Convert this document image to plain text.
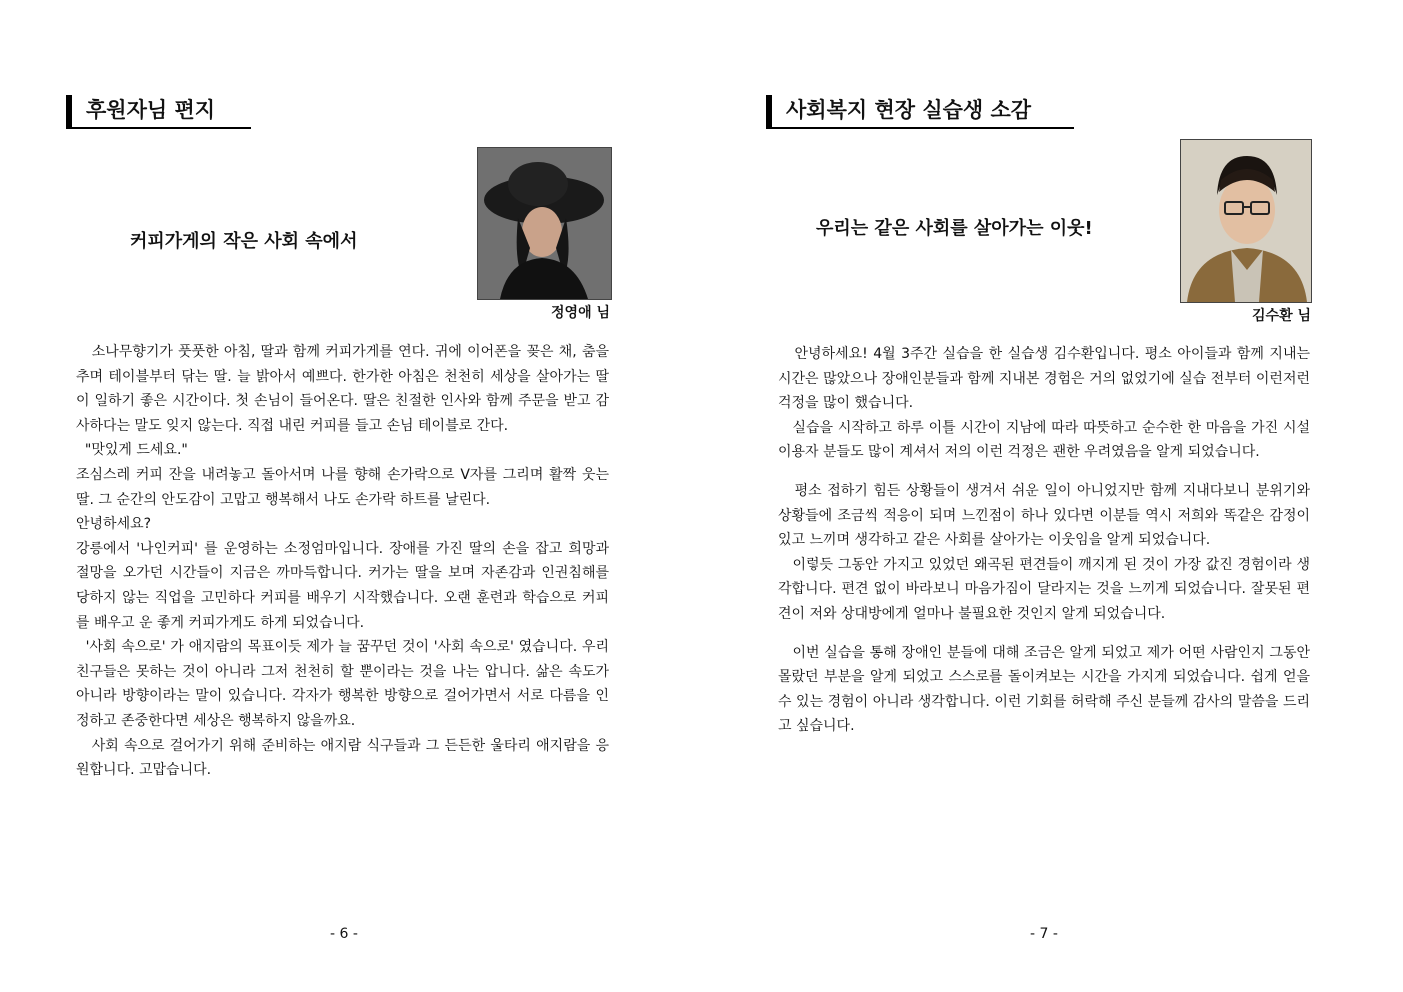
후원자님 편지
커피가게의 작은 사회 속에서
정영애 님

소나무향기가 풋풋한 아침, 딸과 함께 커피가게를 연다. 귀에 이어폰을 꽂은 채, 춤을 추며 테이블부터 닦는 딸. 늘 밝아서 예쁘다. 한가한 아침은 천천히 세상을 살아가는 딸이 일하기 좋은 시간이다. 첫 손님이 들어온다. 딸은 친절한 인사와 함께 주문을 받고 감사하다는 말도 잊지 않는다. 직접 내린 커피를 들고 손님 테이블로 간다.

"맛있게 드세요."

조심스레 커피 잔을 내려놓고 돌아서며 나를 향해 손가락으로 V자를 그리며 활짝 웃는 딸. 그 순간의 안도감이 고맙고 행복해서 나도 손가락 하트를 날린다.

안녕하세요?

강릉에서 '나인커피' 를 운영하는 소정엄마입니다. 장애를 가진 딸의 손을 잡고 희망과 절망을 오가던 시간들이 지금은 까마득합니다. 커가는 딸을 보며 자존감과 인권침해를 당하지 않는 직업을 고민하다 커피를 배우기 시작했습니다. 오랜 훈련과 학습으로 커피를 배우고 운 좋게 커피가게도 하게 되었습니다.

'사회 속으로' 가 애지람의 목표이듯 제가 늘 꿈꾸던 것이 '사회 속으로' 였습니다. 우리 친구들은 못하는 것이 아니라 그저 천천히 할 뿐이라는 것을 나는 압니다. 삶은 속도가 아니라 방향이라는 말이 있습니다. 각자가 행복한 방향으로 걸어가면서 서로 다름을 인정하고 존중한다면 세상은 행복하지 않을까요.

사회 속으로 걸어가기 위해 준비하는 애지람 식구들과 그 든든한 울타리 애지람을 응원합니다. 고맙습니다.

- 6 -
사회복지 현장 실습생 소감
우리는 같은 사회를 살아가는 이웃!
김수환 님

안녕하세요! 4월 3주간 실습을 한 실습생 김수환입니다. 평소 아이들과 함께 지내는 시간은 많았으나 장애인분들과 함께 지내본 경험은 거의 없었기에 실습 전부터 이런저런 걱정을 많이 했습니다.

실습을 시작하고 하루 이틀 시간이 지남에 따라 따뜻하고 순수한 한 마음을 가진 시설 이용자 분들도 많이 계셔서 저의 이런 걱정은 괜한 우려였음을 알게 되었습니다.

평소 접하기 힘든 상황들이 생겨서 쉬운 일이 아니었지만 함께 지내다보니 분위기와 상황들에 조금씩 적응이 되며 느낀점이 하나 있다면 이분들 역시 저희와 똑같은 감정이 있고 느끼며 생각하고 같은 사회를 살아가는 이웃임을 알게 되었습니다.

이렇듯 그동안 가지고 있었던 왜곡된 편견들이 깨지게 된 것이 가장 값진 경험이라 생각합니다. 편견 없이 바라보니 마음가짐이 달라지는 것을 느끼게 되었습니다. 잘못된 편견이 저와 상대방에게 얼마나 불필요한 것인지 알게 되었습니다.

이번 실습을 통해 장애인 분들에 대해 조금은 알게 되었고 제가 어떤 사람인지 그동안 몰랐던 부분을 알게 되었고 스스로를 돌이켜보는 시간을 가지게 되었습니다. 쉽게 얻을 수 있는 경험이 아니라 생각합니다. 이런 기회를 허락해 주신 분들께 감사의 말씀을 드리고 싶습니다.

- 7 -
